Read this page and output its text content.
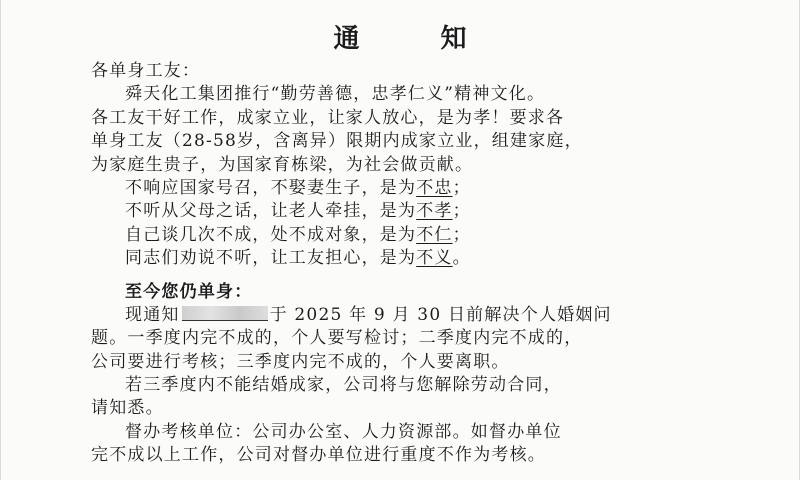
通 知
各单身工友：
舜天化工集团推行“勤劳善德，忠孝仁义”精神文化。
各工友干好工作，成家立业，让家人放心，是为孝！要求各
单身工友（28-58岁，含离异）限期内成家立业，组建家庭，
为家庭生贵子，为国家育栋梁，为社会做贡献。
不响应国家号召，不娶妻生子，是为不忠；
不听从父母之话，让老人牵挂，是为不孝；
自己谈几次不成，处不成对象，是为不仁；
同志们劝说不听，让工友担心，是为不义。
至今您仍单身：
现通知	于 2025 年 9 月 30 日前解决个人婚姻问
题。一季度内完不成的，个人要写检讨；二季度内完不成的，
公司要进行考核；三季度内完不成的，个人要离职。
若三季度内不能结婚成家，公司将与您解除劳动合同，
请知悉。
督办考核单位：公司办公室、人力资源部。如督办单位
完不成以上工作，公司对督办单位进行重度不作为考核。
